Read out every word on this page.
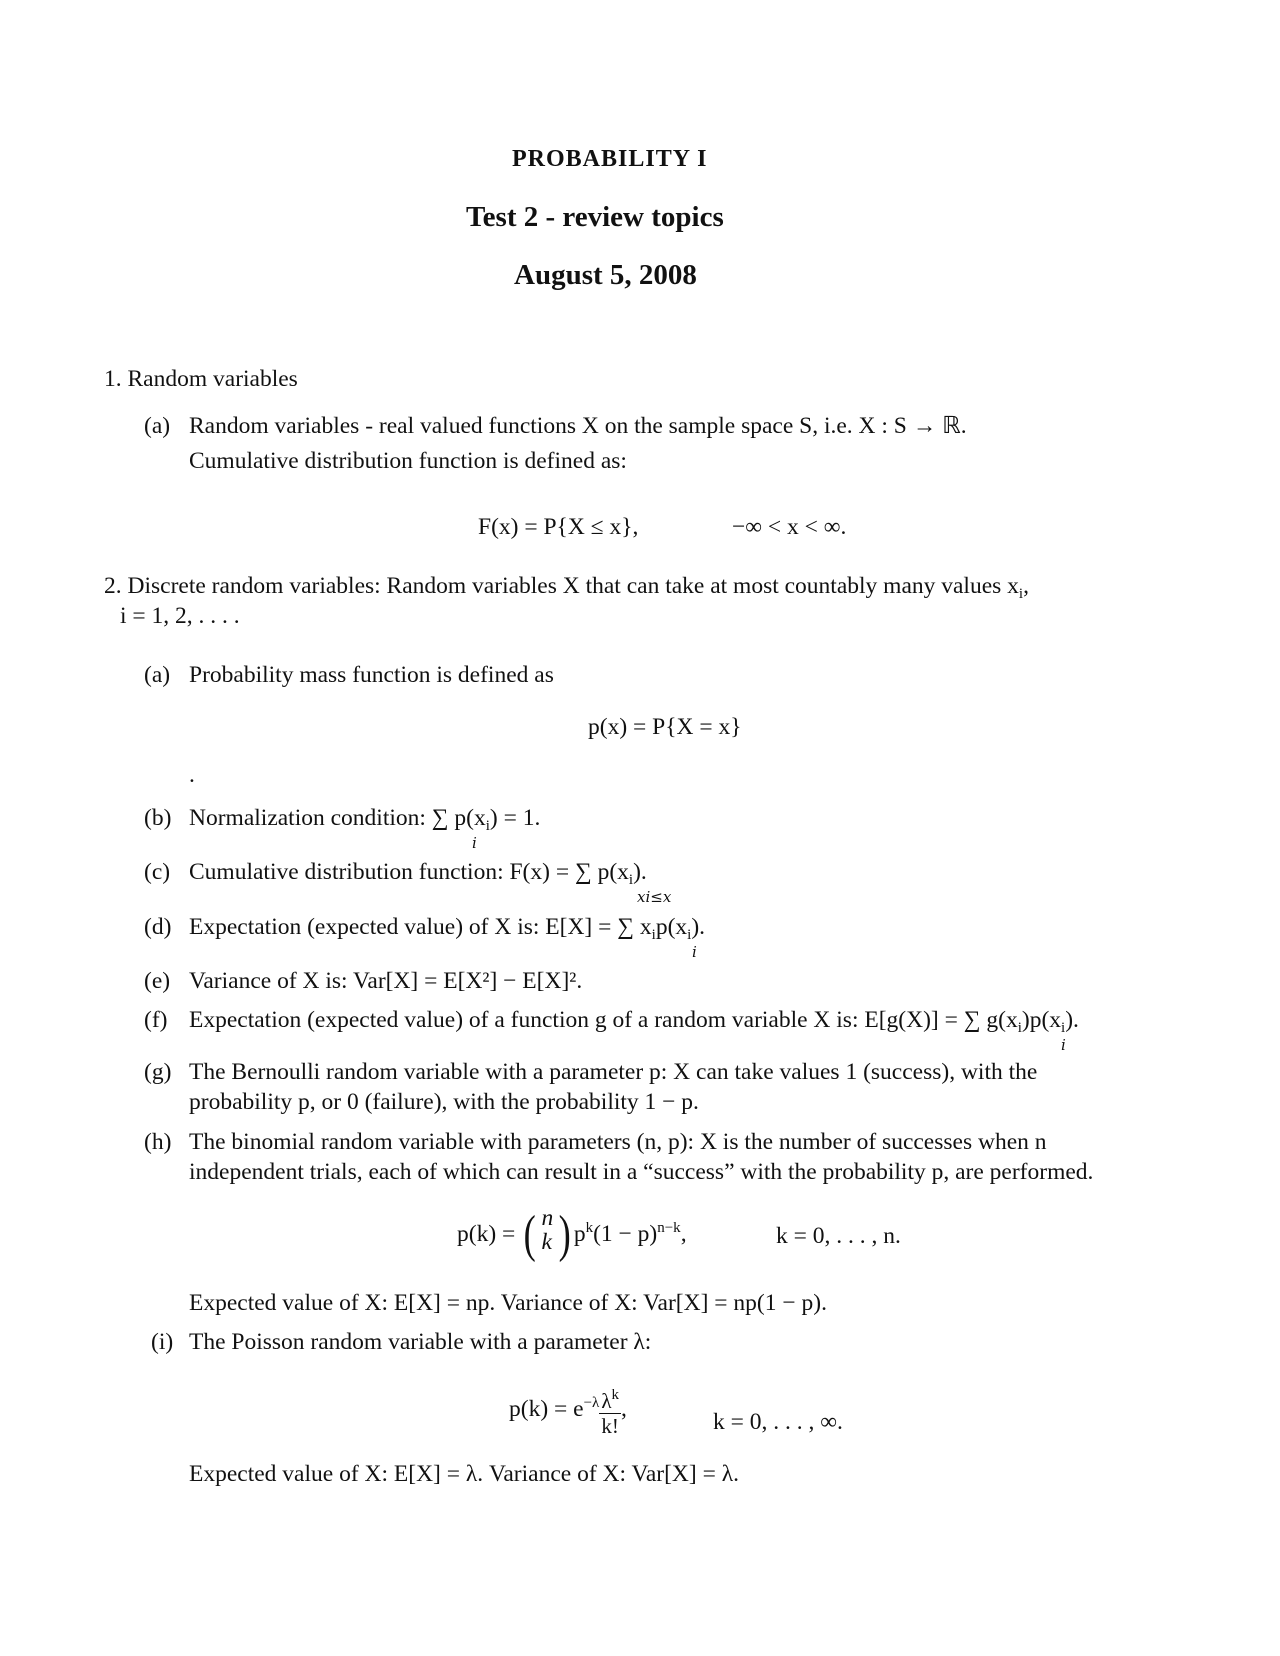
PROBABILITY I
Test 2 - review topics
August 5, 2008
1. Random variables
(a) Random variables - real valued functions X on the sample space S, i.e. X : S → ℝ.
Cumulative distribution function is defined as:
F(x) = P{X ≤ x},	−∞ < x < ∞.
2. Discrete random variables: Random variables X that can take at most countably many values $x_i$,
i = 1, 2, . . . .
(a) Probability mass function is defined as
p(x) = P{X = x}
.
(b) Normalization condition: ∑ $p(x_i) = 1$.
i
(c) Cumulative distribution function: F(x) = ∑ $p(x_i)$.
xi≤x
(d) Expectation (expected value) of X is: E[X] = ∑ $x_ip(x_i)$.
i
(e) Variance of X is: Var[X] = E[X²] − E[X]².
(f) Expectation (expected value) of a function g of a random variable X is: E[g(X)] = ∑ $g(x_i)p(x_i)$.
i
(g) The Bernoulli random variable with a parameter p: X can take values 1 (success), with the
probability p, or 0 (failure), with the probability 1 − p.
(h) The binomial random variable with parameters (n, p): X is the number of successes when n
independent trials, each of which can result in a “success” with the probability p, are performed.
p(k) = ( n
k ) $p^k(1 - p)^{n-k}$,	k = 0, . . . , n.
Expected value of X: E[X] = np. Variance of X: Var[X] = np(1 − p).
(i) The Poisson random variable with a parameter λ:
$p(k) = e^{-\lambda} \frac{\lambda^k}{k!}$ ,
k = 0, . . . , ∞.
Expected value of X: E[X] = λ. Variance of X: Var[X] = λ.
